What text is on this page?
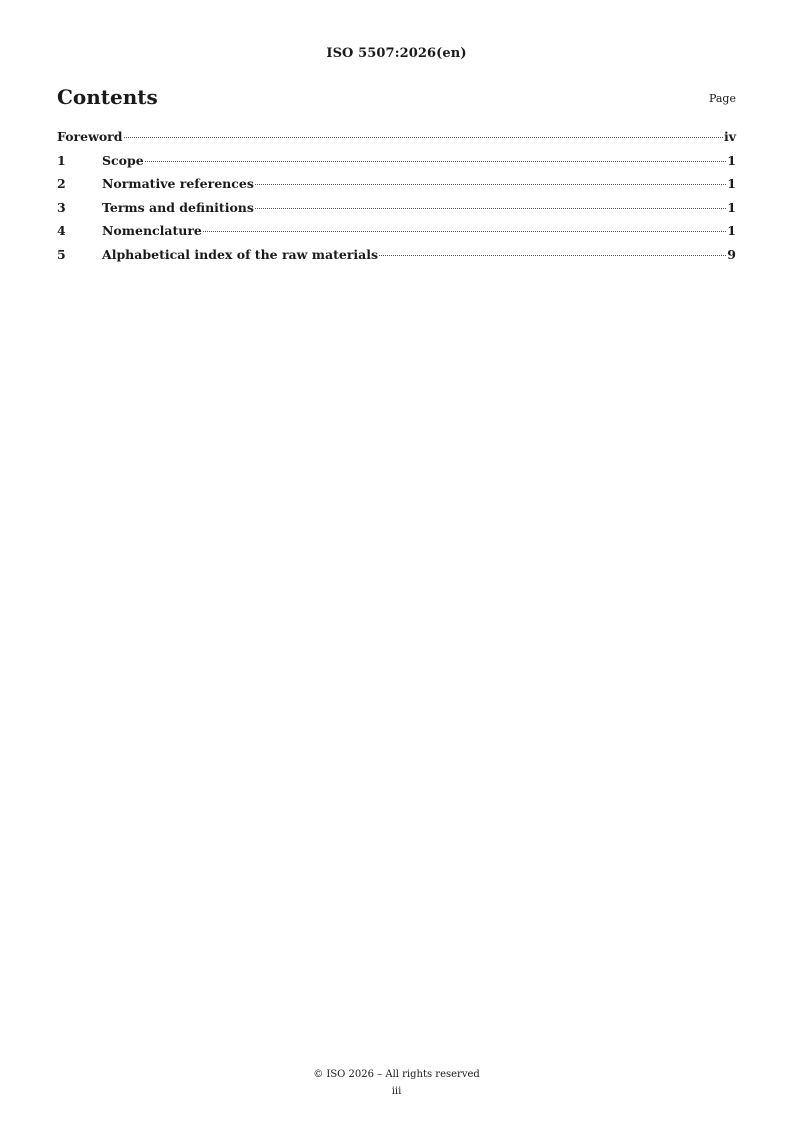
ISO 5507:2026(en)
Contents	Page
Foreword	iv
1	Scope	1
2	Normative references	1
3	Terms and definitions	1
4	Nomenclature	1
5	Alphabetical index of the raw materials	9
© ISO 2026 – All rights reserved
iii
